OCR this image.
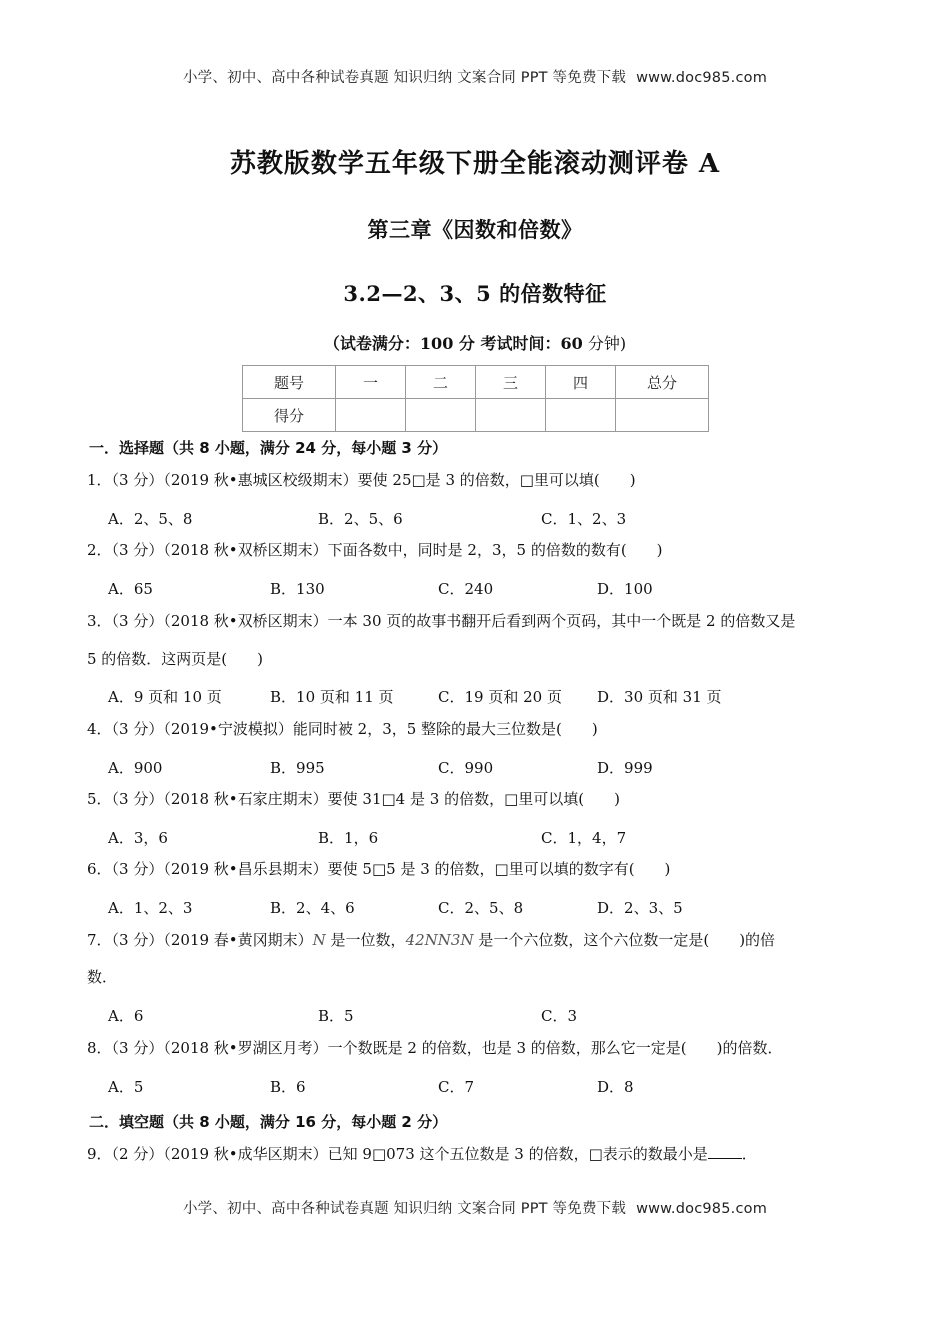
小学、初中、高中各种试卷真题 知识归纳 文案合同 PPT 等免费下载 www.doc985.com
苏教版数学五年级下册全能滚动测评卷 A
第三章《因数和倍数》
3.2—2、3、5 的倍数特征
（试卷满分：100 分 考试时间：60 分钟)
题号	一	二	三	四	总分
得分					
一．选择题（共 8 小题，满分 24 分，每小题 3 分）
1．（3 分）（2019 秋•惠城区校级期末）要使 25□是 3 的倍数，□里可以填(　　)
A．2、5、8	B．2、5、6	C．1、2、3
2．（3 分）（2018 秋•双桥区期末）下面各数中，同时是 2，3，5 的倍数的数有(　　)
A．65	B．130	C．240	D．100
3．（3 分）（2018 秋•双桥区期末）一本 30 页的故事书翻开后看到两个页码，其中一个既是 2 的倍数又是
5 的倍数．这两页是(　　)
A．9 页和 10 页	B．10 页和 11 页	C．19 页和 20 页 D．30 页和 31 页
4．（3 分）（2019•宁波模拟）能同时被 2，3，5 整除的最大三位数是(　　)
A．900	B．995	C．990	D．999
5．（3 分）（2018 秋•石家庄期末）要使 31□4 是 3 的倍数，□里可以填(　　)
A．3，6	B．1，6	C．1，4，7
6．（3 分）（2019 秋•昌乐县期末）要使 5□5 是 3 的倍数，□里可以填的数字有(　　)
A．1、2、3	B．2、4、6	C．2、5、8	D．2、3、5
7．（3 分）（2019 春•黄冈期末）N 是一位数，42NN3N 是一个六位数，这个六位数一定是(　　)的倍
数．
A．6	B．5	C．3
8．（3 分）（2018 秋•罗湖区月考）一个数既是 2 的倍数，也是 3 的倍数，那么它一定是(　　)的倍数．
A．5	B．6	C．7	D．8
二．填空题（共 8 小题，满分 16 分，每小题 2 分）
9．（2 分）（2019 秋•成华区期末）已知 9□073 这个五位数是 3 的倍数，□表示的数最小是 ．
小学、初中、高中各种试卷真题 知识归纳 文案合同 PPT 等免费下载 www.doc985.com
